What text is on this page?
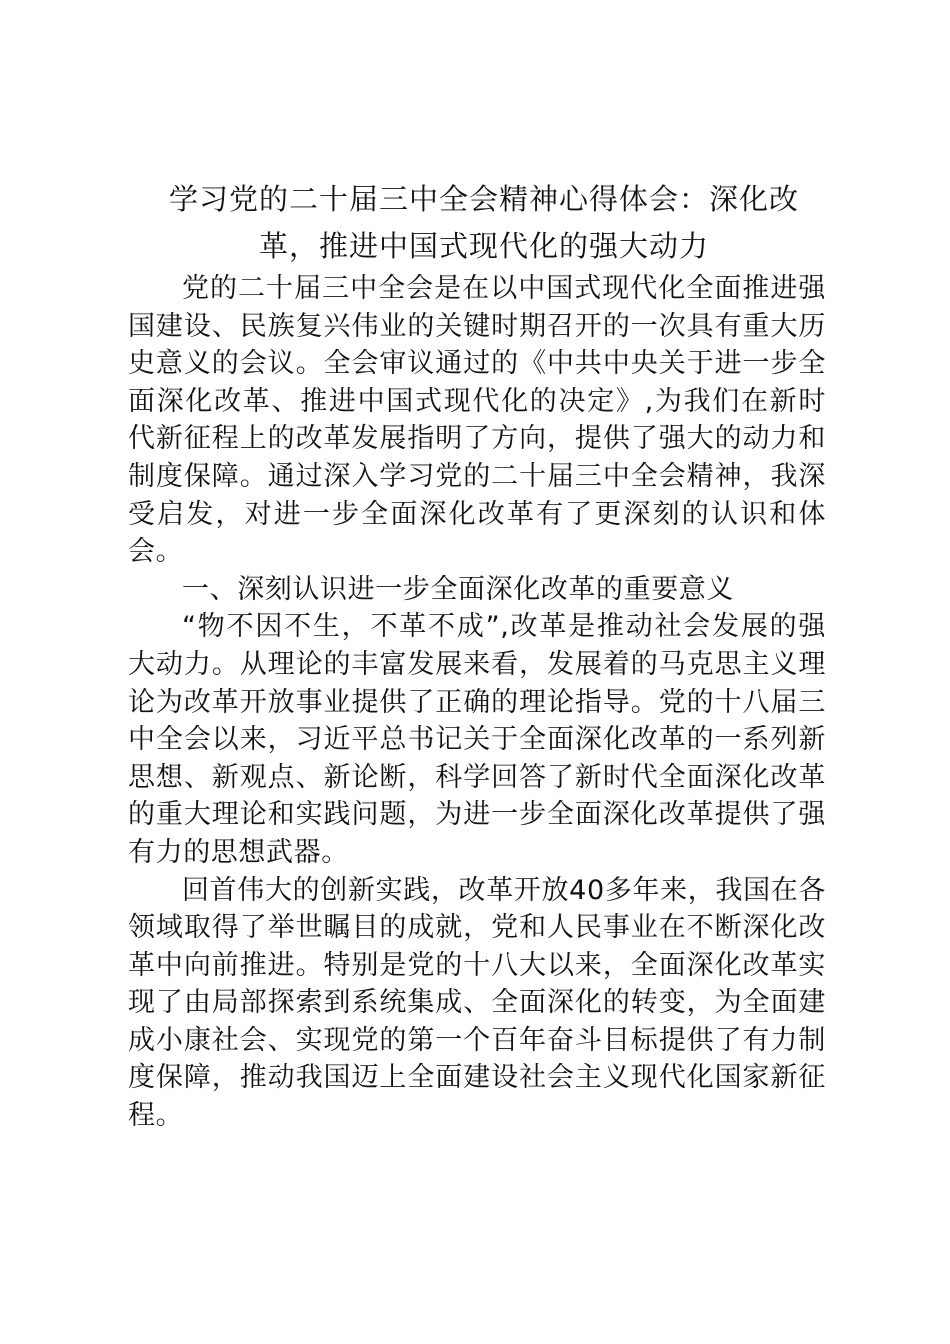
学习党的二十届三中全会精神心得体会：深化改革，推进中国式现代化的强大动力

党的二十届三中全会是在以中国式现代化全面推进强国建设、民族复兴伟业的关键时期召开的一次具有重大历史意义的会议。全会审议通过的《中共中央关于进一步全面深化改革、推进中国式现代化的决定》,为我们在新时代新征程上的改革发展指明了方向，提供了强大的动力和制度保障。通过深入学习党的二十届三中全会精神，我深受启发，对进一步全面深化改革有了更深刻的认识和体会。

一、深刻认识进一步全面深化改革的重要意义

“物不因不生，不革不成”,改革是推动社会发展的强大动力。从理论的丰富发展来看，发展着的马克思主义理论为改革开放事业提供了正确的理论指导。党的十八届三中全会以来，习近平总书记关于全面深化改革的一系列新思想、新观点、新论断，科学回答了新时代全面深化改革的重大理论和实践问题，为进一步全面深化改革提供了强有力的思想武器。

回首伟大的创新实践，改革开放40多年来，我国在各领域取得了举世瞩目的成就，党和人民事业在不断深化改革中向前推进。特别是党的十八大以来，全面深化改革实现了由局部探索到系统集成、全面深化的转变，为全面建成小康社会、实现党的第一个百年奋斗目标提供了有力制度保障，推动我国迈上全面建设社会主义现代化国家新征程。
